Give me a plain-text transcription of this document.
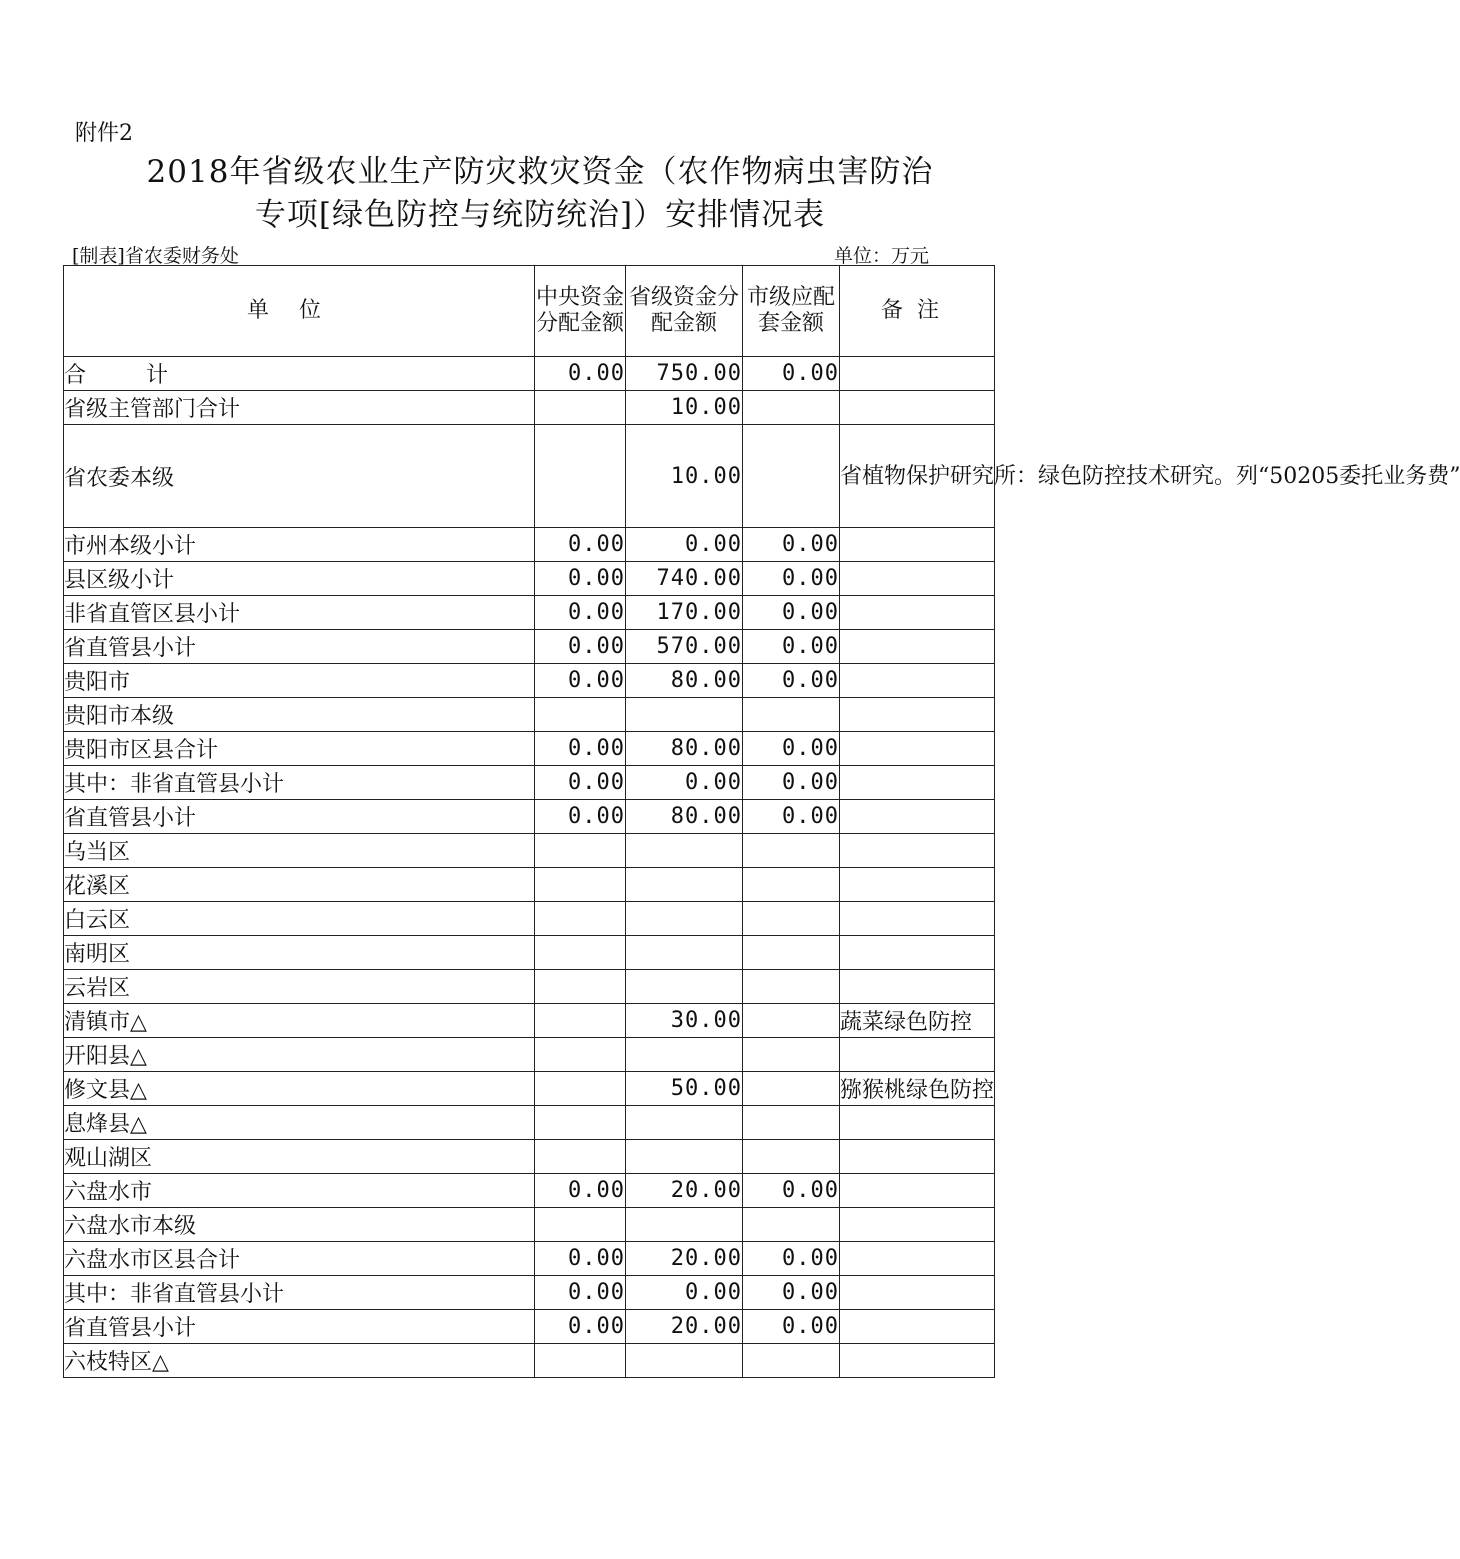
附件2
2018年省级农业生产防灾救灾资金（农作物病虫害防治
专项[绿色防控与统防统治]）安排情况表
[制表]省农委财务处	单位：万元
单位	中央资金分配金额	省级资金分配金额	市级应配套金额	备注
合计	0.00	750.00	0.00	
省级主管部门合计		10.00		
省农委本级		10.00		省植物保护研究所：绿色防控技术研究。列“50205委托业务费”
市州本级小计	0.00	0.00	0.00	
县区级小计	0.00	740.00	0.00	
非省直管区县小计	0.00	170.00	0.00	
省直管县小计	0.00	570.00	0.00	
贵阳市	0.00	80.00	0.00	
贵阳市本级				
贵阳市区县合计	0.00	80.00	0.00	
其中：非省直管县小计	0.00	0.00	0.00	
省直管县小计	0.00	80.00	0.00	
乌当区				
花溪区				
白云区				
南明区				
云岩区				
清镇市△		30.00		蔬菜绿色防控
开阳县△				
修文县△		50.00		猕猴桃绿色防控
息烽县△				
观山湖区				
六盘水市	0.00	20.00	0.00	
六盘水市本级				
六盘水市区县合计	0.00	20.00	0.00	
其中：非省直管县小计	0.00	0.00	0.00	
省直管县小计	0.00	20.00	0.00	
六枝特区△				
